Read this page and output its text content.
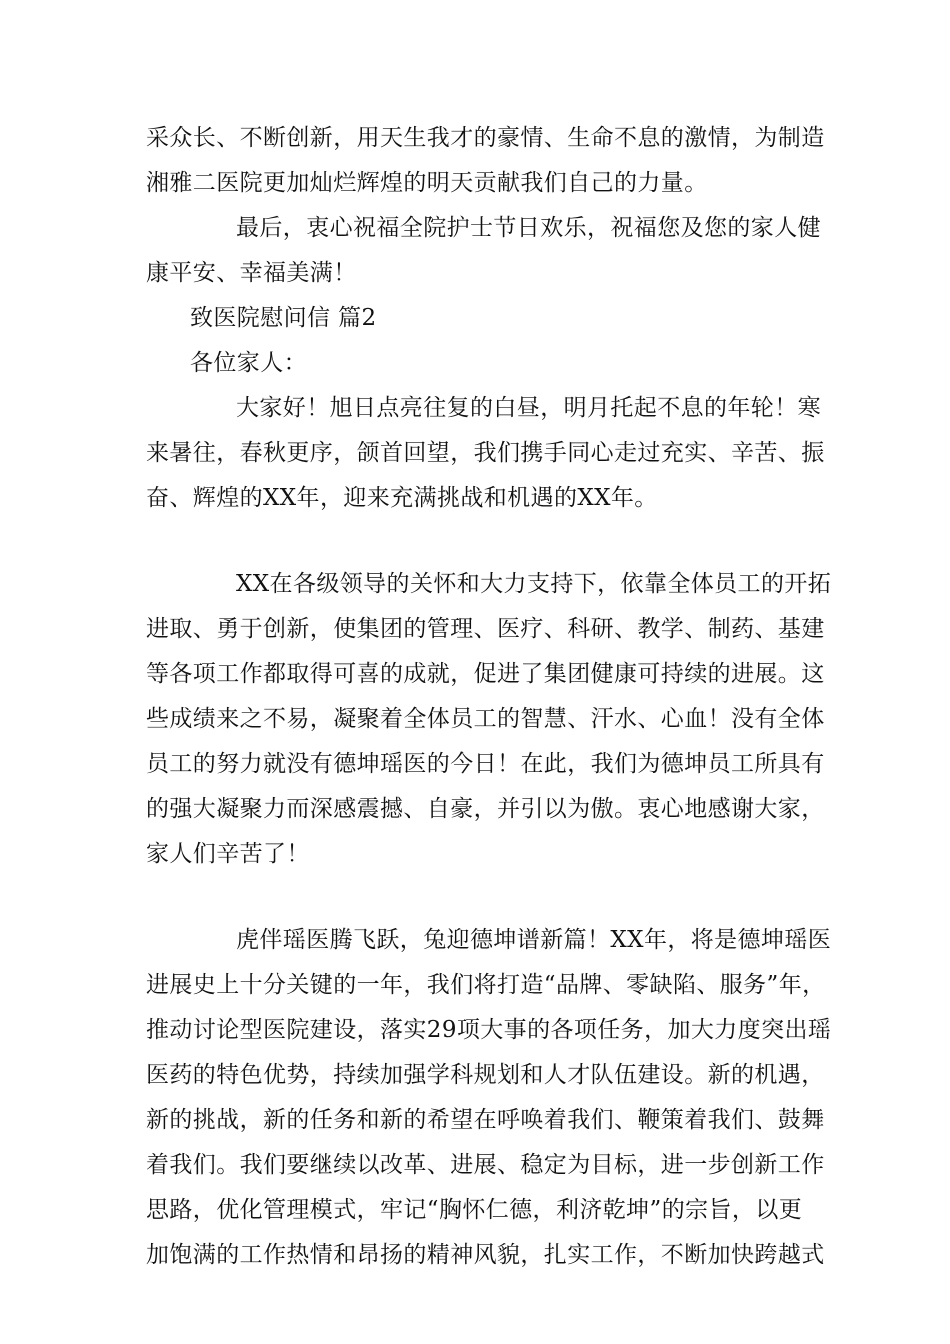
采众长、不断创新，用天生我才的豪情、生命不息的激情，为制造
湘雅二医院更加灿烂辉煌的明天贡献我们自己的力量。
最后，衷心祝福全院护士节日欢乐，祝福您及您的家人健
康平安、幸福美满！
致医院慰问信 篇2
各位家人：
大家好！旭日点亮往复的白昼，明月托起不息的年轮！寒
来暑往，春秋更序，颌首回望，我们携手同心走过充实、辛苦、振
奋、辉煌的XX年，迎来充满挑战和机遇的XX年。
XX在各级领导的关怀和大力支持下，依靠全体员工的开拓
进取、勇于创新，使集团的管理、医疗、科研、教学、制药、基建
等各项工作都取得可喜的成就，促进了集团健康可持续的进展。这
些成绩来之不易，凝聚着全体员工的智慧、汗水、心血！没有全体
员工的努力就没有德坤瑶医的今日！在此，我们为德坤员工所具有
的强大凝聚力而深感震撼、自豪，并引以为傲。衷心地感谢大家，
家人们辛苦了！
虎伴瑶医腾飞跃，兔迎德坤谱新篇！XX年，将是德坤瑶医
进展史上十分关键的一年，我们将打造“品牌、零缺陷、服务”年，
推动讨论型医院建设，落实29项大事的各项任务，加大力度突出瑶
医药的特色优势，持续加强学科规划和人才队伍建设。新的机遇，
新的挑战，新的任务和新的希望在呼唤着我们、鞭策着我们、鼓舞
着我们。我们要继续以改革、进展、稳定为目标，进一步创新工作
思路，优化管理模式，牢记“胸怀仁德，利济乾坤”的宗旨，以更
加饱满的工作热情和昂扬的精神风貌，扎实工作，不断加快跨越式
